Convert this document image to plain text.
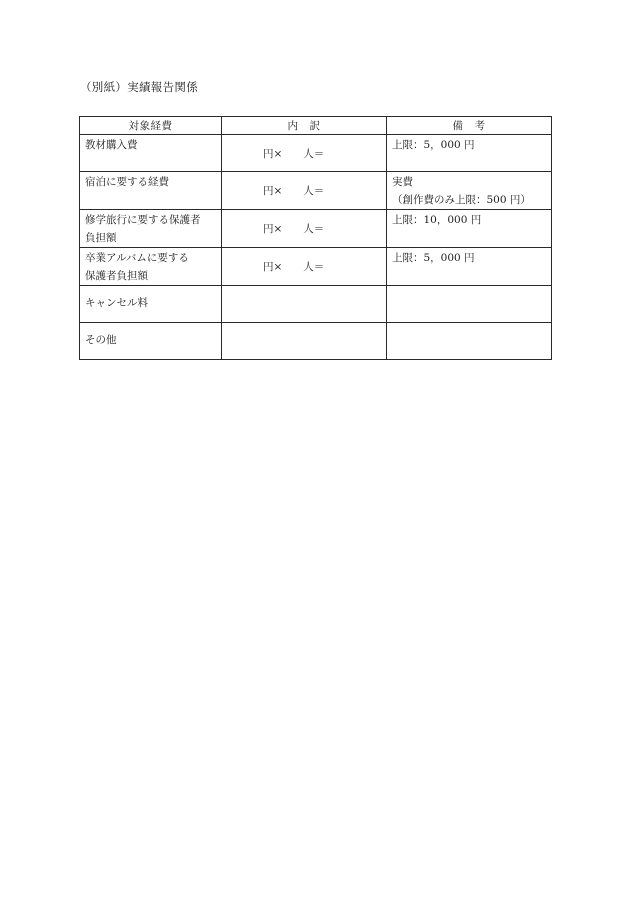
（別紙）実績報告関係
対象経費	内　訳	備　考

教材購入費	円×　　人＝	上限：5，000 円

宿泊に要する経費	円×　　人＝	実費
（創作費のみ上限：500 円）

修学旅行に要する保護者
負担額	円×　　人＝	上限：10，000 円

卒業アルバムに要する
保護者負担額	円×　　人＝	上限：5，000 円

キャンセル料		

その他		
